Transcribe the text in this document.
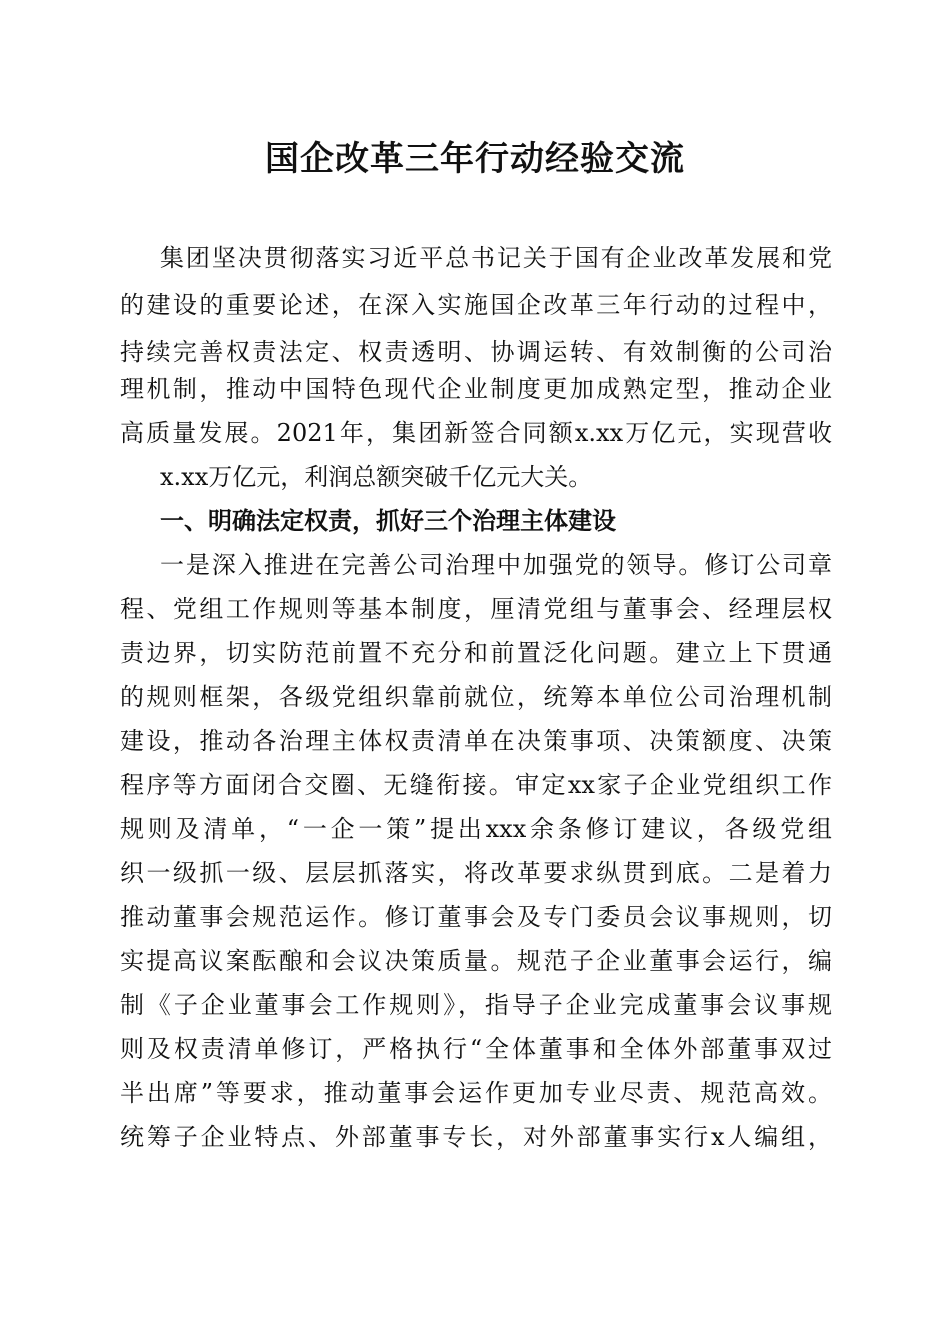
国企改革三年行动经验交流

集团坚决贯彻落实习近平总书记关于国有企业改革发展和党

的建设的重要论述，在深入实施国企改革三年行动的过程中，

持续完善权责法定、权责透明、协调运转、有效制衡的公司治

理机制，推动中国特色现代企业制度更加成熟定型，推动企业

高质量发展。2021年，集团新签合同额x.xx万亿元，实现营收

x.xx万亿元，利润总额突破千亿元大关。

一、明确法定权责，抓好三个治理主体建设

一是深入推进在完善公司治理中加强党的领导。修订公司章

程、党组工作规则等基本制度，厘清党组与董事会、经理层权

责边界，切实防范前置不充分和前置泛化问题。建立上下贯通

的规则框架，各级党组织靠前就位，统筹本单位公司治理机制

建设，推动各治理主体权责清单在决策事项、决策额度、决策

程序等方面闭合交圈、无缝衔接。审定xx家子企业党组织工作

规则及清单，“一企一策”提出xxx余条修订建议，各级党组

织一级抓一级、层层抓落实，将改革要求纵贯到底。二是着力

推动董事会规范运作。修订董事会及专门委员会议事规则，切

实提高议案酝酿和会议决策质量。规范子企业董事会运行，编

制《子企业董事会工作规则》，指导子企业完成董事会议事规

则及权责清单修订，严格执行“全体董事和全体外部董事双过

半出席”等要求，推动董事会运作更加专业尽责、规范高效。

统筹子企业特点、外部董事专长，对外部董事实行x人编组，
